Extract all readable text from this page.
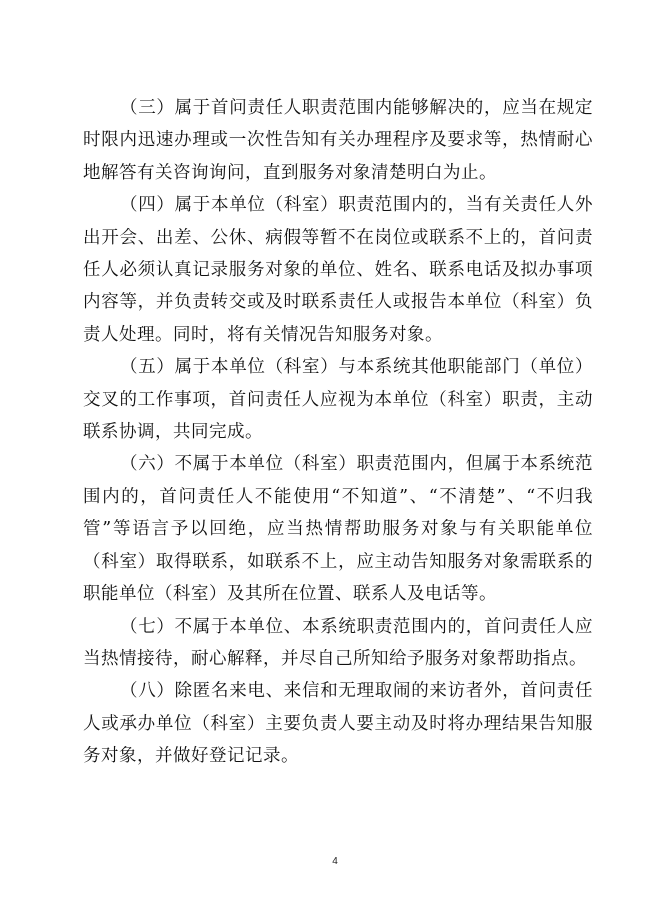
（三）属于首问责任人职责范围内能够解决的，应当在规定时限内迅速办理或一次性告知有关办理程序及要求等，热情耐心地解答有关咨询询问，直到服务对象清楚明白为止。

（四）属于本单位（科室）职责范围内的，当有关责任人外出开会、出差、公休、病假等暂不在岗位或联系不上的，首问责任人必须认真记录服务对象的单位、姓名、联系电话及拟办事项内容等，并负责转交或及时联系责任人或报告本单位（科室）负责人处理。同时，将有关情况告知服务对象。

（五）属于本单位（科室）与本系统其他职能部门（单位）交叉的工作事项，首问责任人应视为本单位（科室）职责，主动联系协调，共同完成。

（六）不属于本单位（科室）职责范围内，但属于本系统范围内的，首问责任人不能使用“不知道”、“不清楚”、“不归我管”等语言予以回绝，应当热情帮助服务对象与有关职能单位（科室）取得联系，如联系不上，应主动告知服务对象需联系的职能单位（科室）及其所在位置、联系人及电话等。

（七）不属于本单位、本系统职责范围内的，首问责任人应当热情接待，耐心解释，并尽自己所知给予服务对象帮助指点。

（八）除匿名来电、来信和无理取闹的来访者外，首问责任人或承办单位（科室）主要负责人要主动及时将办理结果告知服务对象，并做好登记记录。

4
